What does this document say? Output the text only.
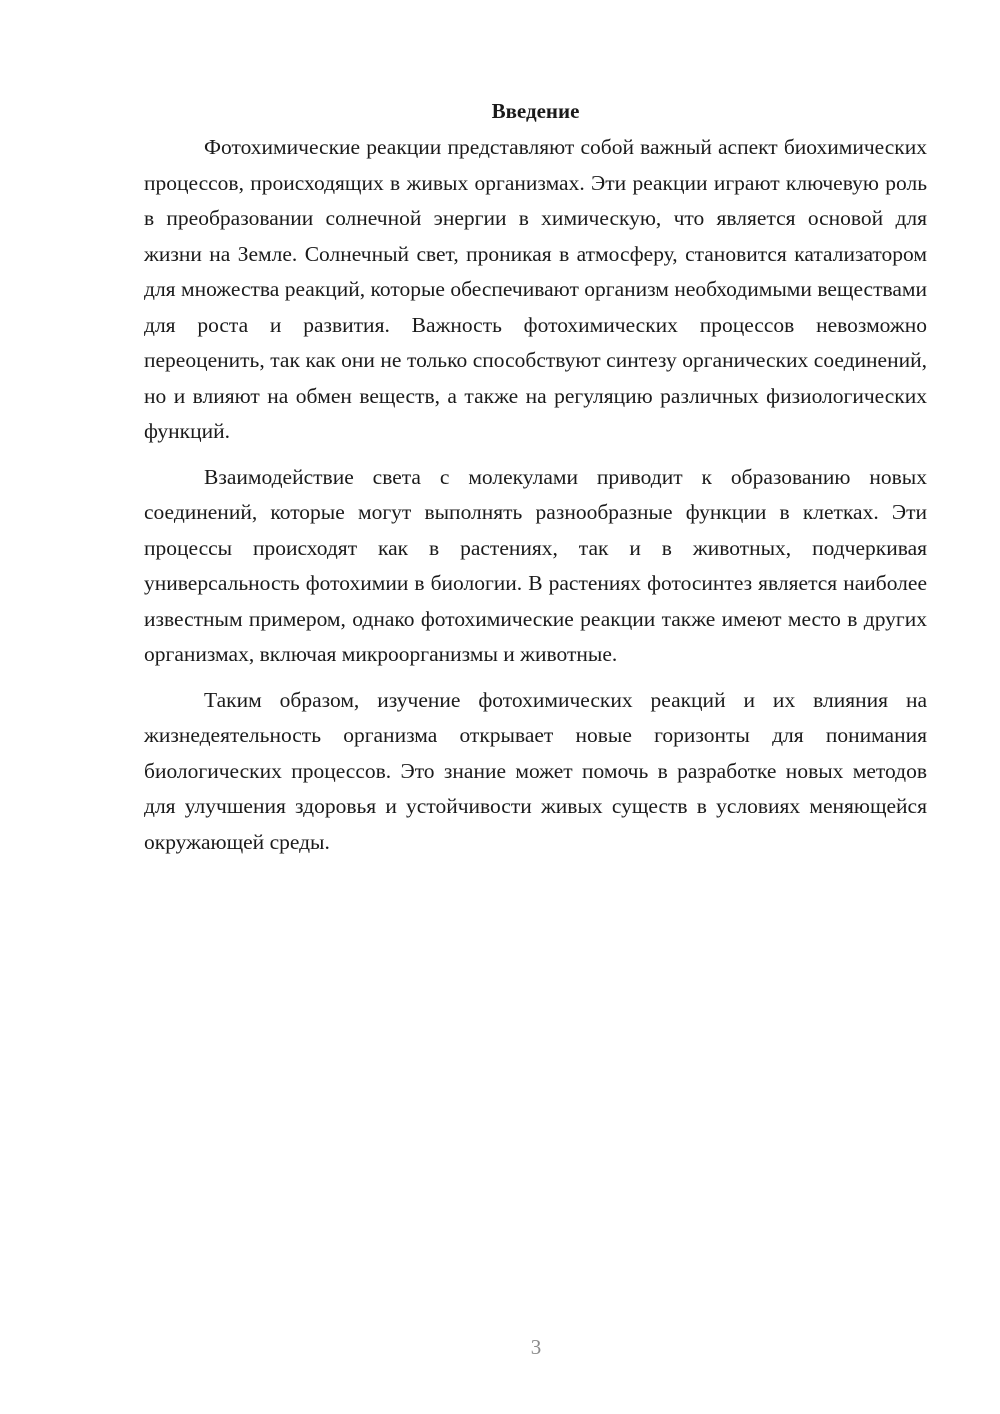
Введение

Фотохимические реакции представляют собой важный аспект биохимических процессов, происходящих в живых организмах. Эти реакции играют ключевую роль в преобразовании солнечной энергии в химическую, что является основой для жизни на Земле. Солнечный свет, проникая в атмосферу, становится катализатором для множества реакций, которые обеспечивают организм необходимыми веществами для роста и развития. Важность фотохимических процессов невозможно переоценить, так как они не только способствуют синтезу органических соединений, но и влияют на обмен веществ, а также на регуляцию различных физиологических функций.

Взаимодействие света с молекулами приводит к образованию новых соединений, которые могут выполнять разнообразные функции в клетках. Эти процессы происходят как в растениях, так и в животных, подчеркивая универсальность фотохимии в биологии. В растениях фотосинтез является наиболее известным примером, однако фотохимические реакции также имеют место в других организмах, включая микроорганизмы и животные.

Таким образом, изучение фотохимических реакций и их влияния на жизнедеятельность организма открывает новые горизонты для понимания биологических процессов. Это знание может помочь в разработке новых методов для улучшения здоровья и устойчивости живых существ в условиях меняющейся окружающей среды.

3
